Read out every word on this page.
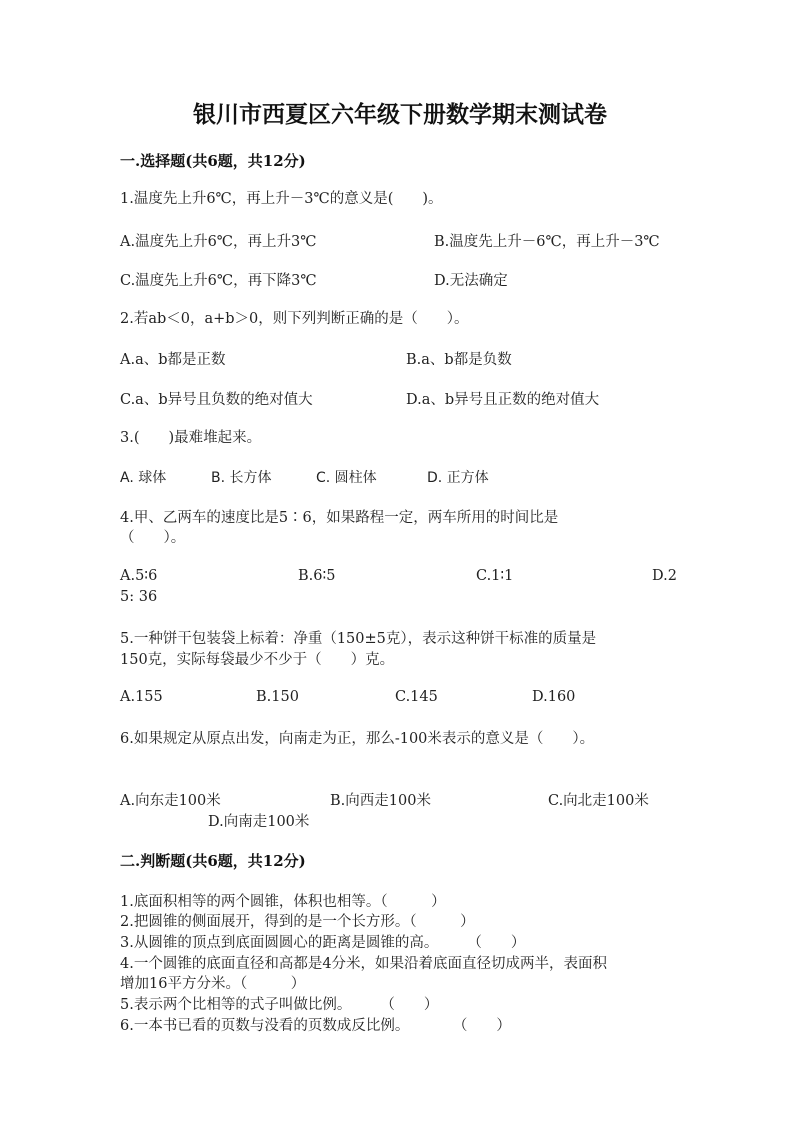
银川市西夏区六年级下册数学期末测试卷
一.选择题(共6题，共12分)
1.温度先上升6℃，再上升－3℃的意义是(　　)。
A.温度先上升6℃，再上升3℃	B.温度先上升－6℃，再上升－3℃
C.温度先上升6℃，再下降3℃	D.无法确定
2.若ab＜0，a+b＞0，则下列判断正确的是（　　）。
A.a、b都是正数	B.a、b都是负数
C.a、b异号且负数的绝对值大	D.a、b异号且正数的绝对值大
3.(　　)最难堆起来。
A. 球体	B. 长方体	C. 圆柱体	D. 正方体
4.甲、乙两车的速度比是5∶6，如果路程一定，两车所用的时间比是
（　　）。
A.5∶6	B.6∶5	C.1∶1	D.2
5: 36
5.一种饼干包装袋上标着：净重（150±5克），表示这种饼干标准的质量是
150克，实际每袋最少不少于（　　）克。
A.155	B.150	C.145	D.160
6.如果规定从原点出发，向南走为正，那么-100米表示的意义是（　　）。
A.向东走100米	B.向西走100米	C.向北走100米
D.向南走100米
二.判断题(共6题，共12分)
1.底面积相等的两个圆锥，体积也相等。（　　　）
2.把圆锥的侧面展开，得到的是一个长方形。（　　　）
3.从圆锥的顶点到底面圆圆心的距离是圆锥的高。　　　（　　）
4.一个圆锥的底面直径和高都是4分米，如果沿着底面直径切成两半，表面积
增加16平方分米。（　　　）
5.表示两个比相等的式子叫做比例。　　　（　　）
6.一本书已看的页数与没看的页数成反比例。　　　　（　　）
